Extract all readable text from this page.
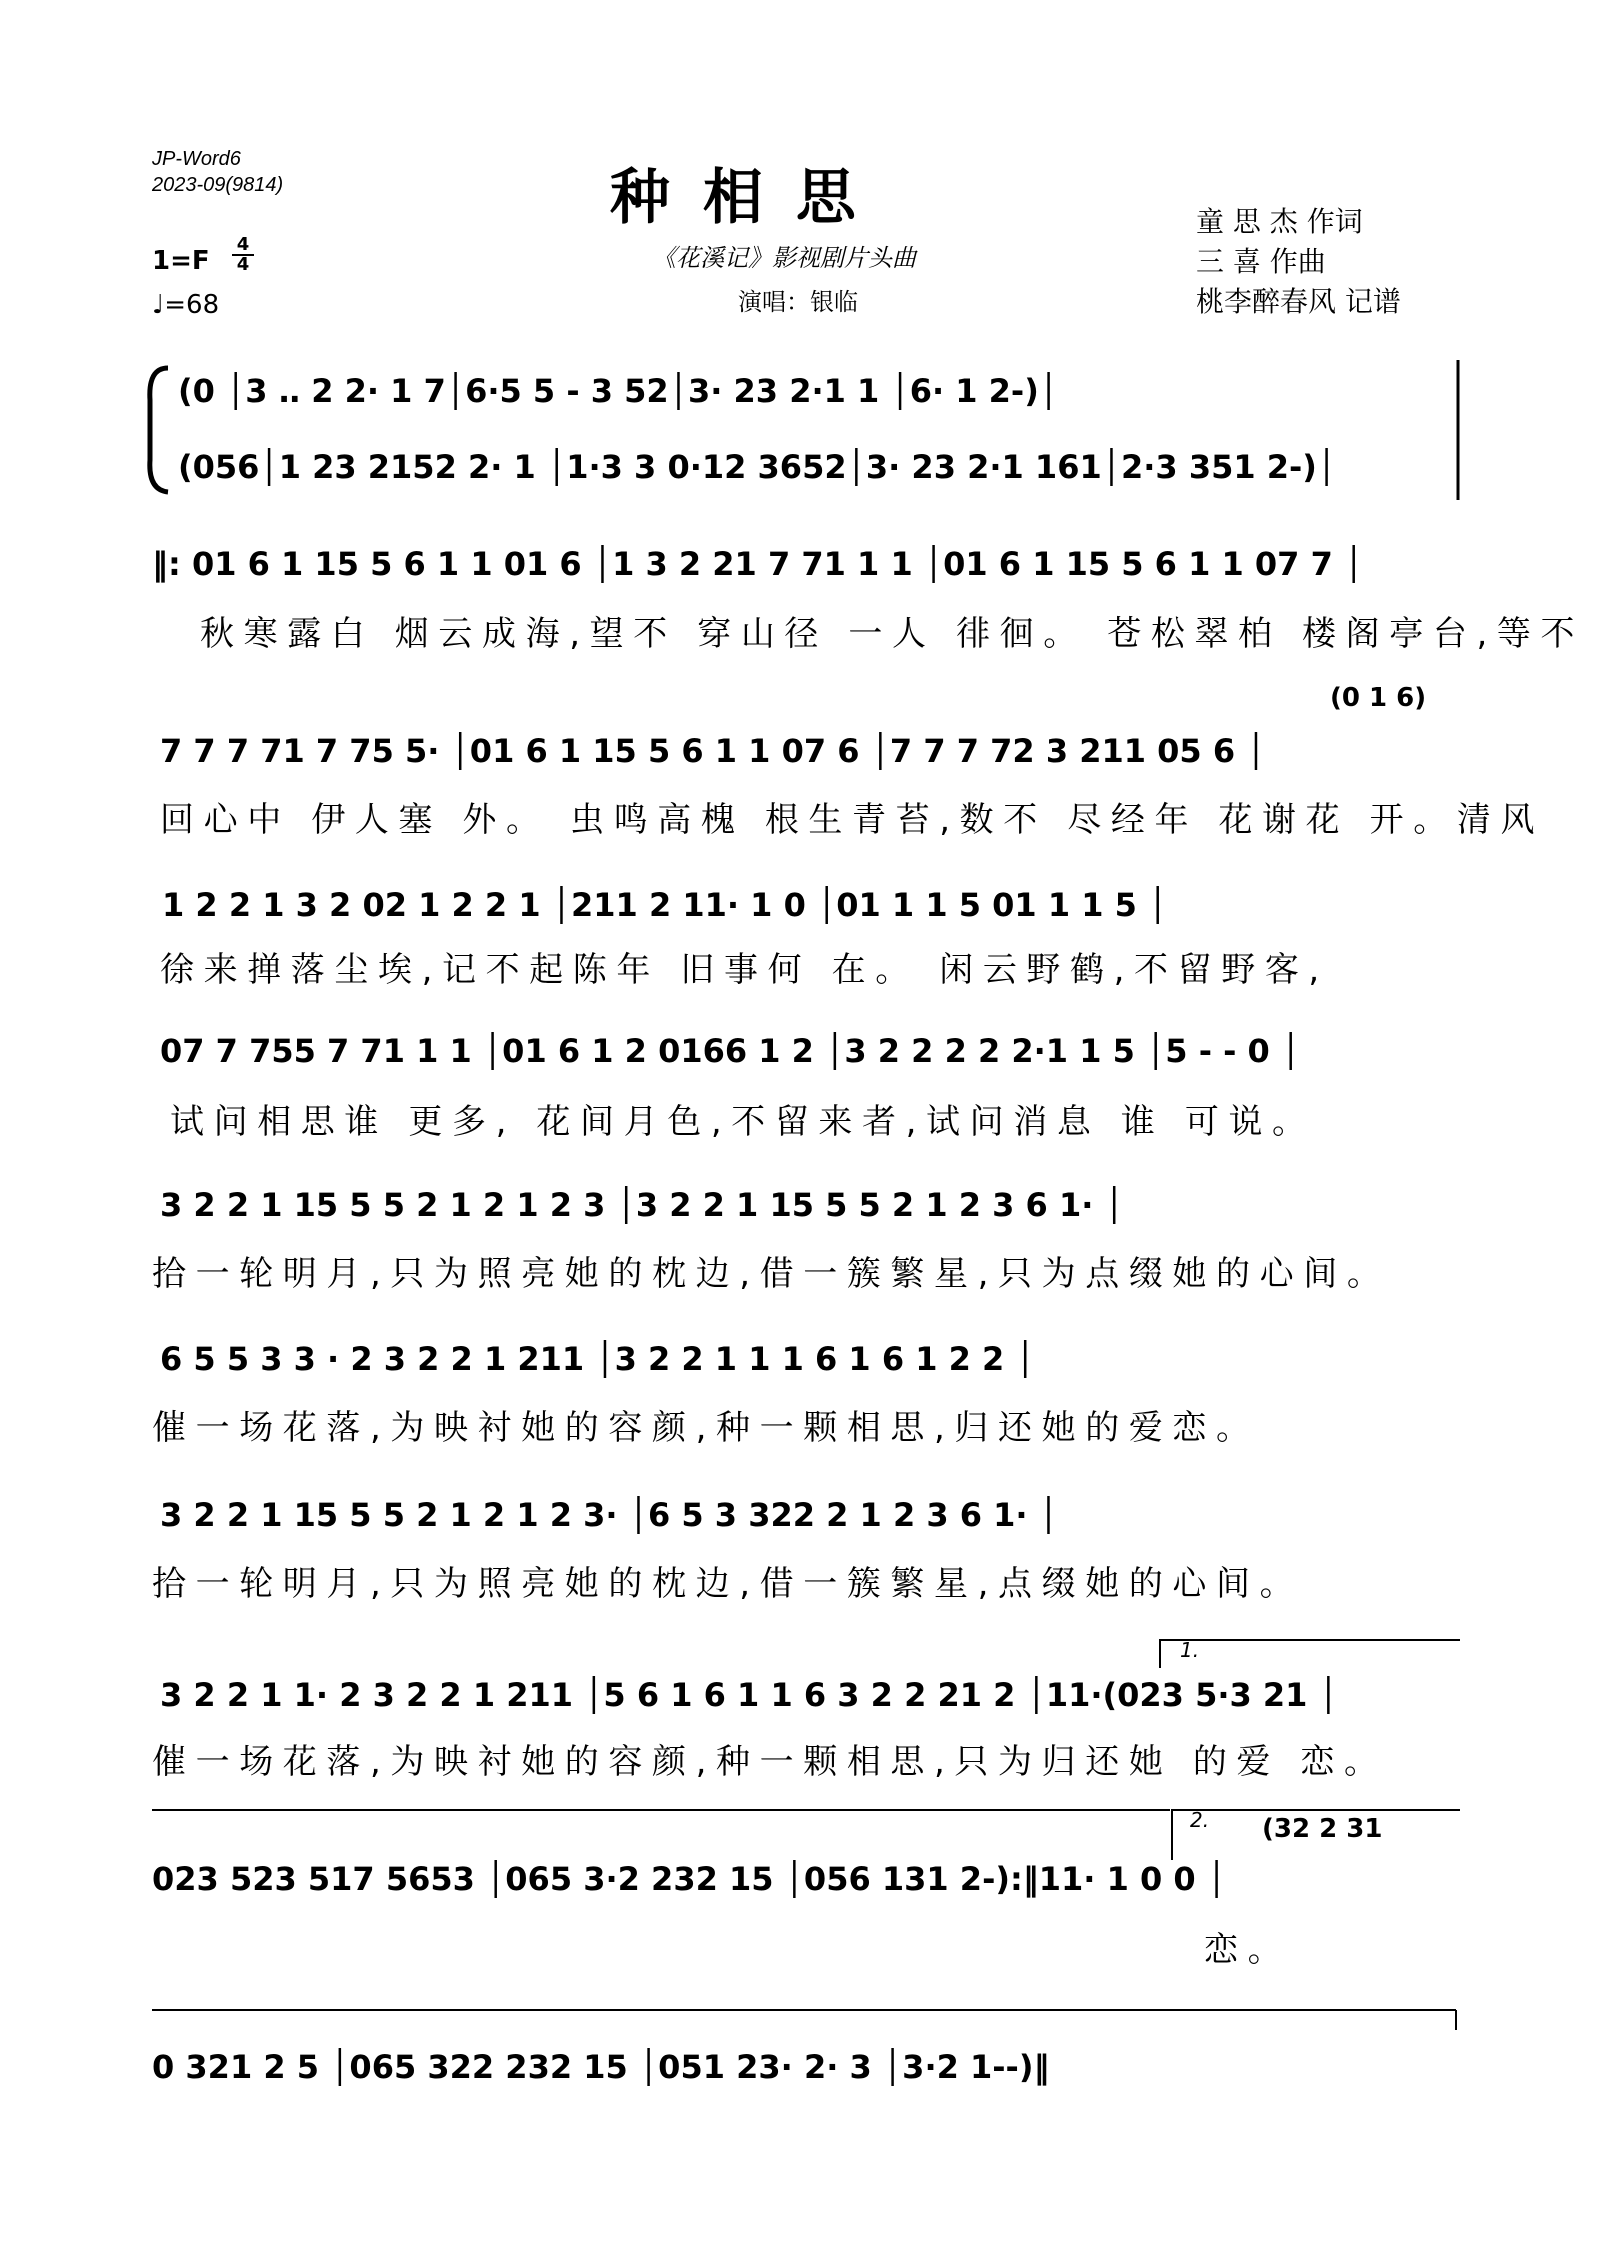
JP-Word6
2023-09(9814)	种 相 思
《花溪记》影视剧片头曲
演唱：银临
1=F
4
4
♩=68
童 思 杰 作词
三 喜 作曲
桃李醉春风 记谱
(0 │3 ‥ 2 2· 1 7│6·5 5 - 3 52│3· 23 2·1 1 │6· 1 2-)│
(056│1 23 2152 2· 1 │1·3 3 0·12 3652│3· 23 2·1 161│2·3 351 2-)│
‖: 01 6 1 15 5 6 1 1 01 6 │1 3 2 21 7 71 1 1 │01 6 1 15 5 6 1 1 07 7 │
秋寒露白 烟云成海,望不 穿山径 一人 徘徊。 苍松翠柏 楼阁亭台,等不
(0 1 6)
7 7 7 71 7 75 5· │01 6 1 15 5 6 1 1 07 6 │7 7 7 72 3 211 05 6 │
回心中 伊人塞 外。 虫鸣高槐 根生青苔,数不 尽经年 花谢花 开。清风
1 2 2 1 3 2 02 1 2 2 1 │211 2 11· 1 0 │01 1 1 5 01 1 1 5 │
徐来掸落尘埃,记不起陈年 旧事何 在。 闲云野鹤,不留野客,
07 7 755 7 71 1 1 │01 6 1 2 0166 1 2 │3 2 2 2 2 2·1 1 5 │5 - - 0 │
试问相思谁 更多, 花间月色,不留来者,试问消息 谁 可说。
3 2 2 1 15 5 5 2 1 2 1 2 3 │3 2 2 1 15 5 5 2 1 2 3 6 1· │
拾一轮明月,只为照亮她的枕边,借一簇繁星,只为点缀她的心间。
6 5 5 3 3 · 2 3 2 2 1 211 │3 2 2 1 1 1 6 1 6 1 2 2 │
催一场花落,为映衬她的容颜,种一颗相思,归还她的爱恋。
3 2 2 1 15 5 5 2 1 2 1 2 3· │6 5 3 322 2 1 2 3 6 1· │
拾一轮明月,只为照亮她的枕边,借一簇繁星,点缀她的心间。
1.
3 2 2 1 1· 2 3 2 2 1 211 │5 6 1 6 1 1 6 3 2 2 21 2 │11·(023 5·3 21 │
催一场花落,为映衬她的容颜,种一颗相思,只为归还她 的爱 恋。
2. (32 2 31
023 523 517 5653 │065 3·2 232 15 │056 131 2-):‖11· 1 0 0 │
恋。
0 321 2 5 │065 322 232 15 │051 23· 2· 3 │3·2 1--)‖
